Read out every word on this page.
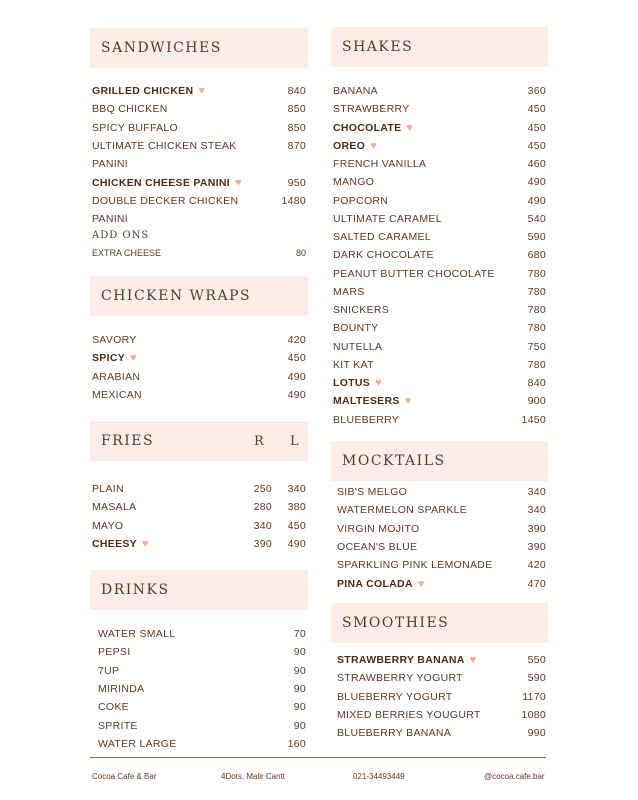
SANDWICHES
GRILLED CHICKEN ♥	840
BBQ CHICKEN	850
SPICY BUFFALO	850
ULTIMATE CHICKEN STEAK	870
PANINI
CHICKEN CHEESE PANINI ♥	950
DOUBLE DECKER CHICKEN	1480
PANINI
ADD ONS
EXTRA CHEESE	80
CHICKEN WRAPS
SAVORY	420
SPICY ♥	450
ARABIAN	490
MEXICAN	490
FRIES	R L
PLAIN	250	340
MASALA	280	380
MAYO	340	450
CHEESY ♥	390	490
DRINKS
WATER SMALL	70
PEPSI	90
7UP	90
MIRINDA	90
COKE	90
SPRITE	90
WATER LARGE	160
SHAKES
BANANA	360
STRAWBERRY	450
CHOCOLATE ♥	450
OREO ♥	450
FRENCH VANILLA	460
MANGO	490
POPCORN	490
ULTIMATE CARAMEL	540
SALTED CARAMEL	590
DARK CHOCOLATE	680
PEANUT BUTTER CHOCOLATE	780
MARS	780
SNICKERS	780
BOUNTY	780
NUTELLA	750
KIT KAT	780
LOTUS ♥	840
MALTESERS ♥	900
BLUEBERRY	1450
MOCKTAILS
SIB'S MELGO	340
WATERMELON SPARKLE	340
VIRGIN MOJITO	390
OCEAN'S BLUE	390
SPARKLING PINK LEMONADE	420
PINA COLADA ♥	470
SMOOTHIES
STRAWBERRY BANANA ♥	550
STRAWBERRY YOGURT	590
BLUEBERRY YOGURT	1170
MIXED BERRIES YOUGURT	1080
BLUEBERRY BANANA	990
Cocoa Cafe & Bar	4Dots, Malir Cantt	021-34493449	@cocoa.cafe.bar
